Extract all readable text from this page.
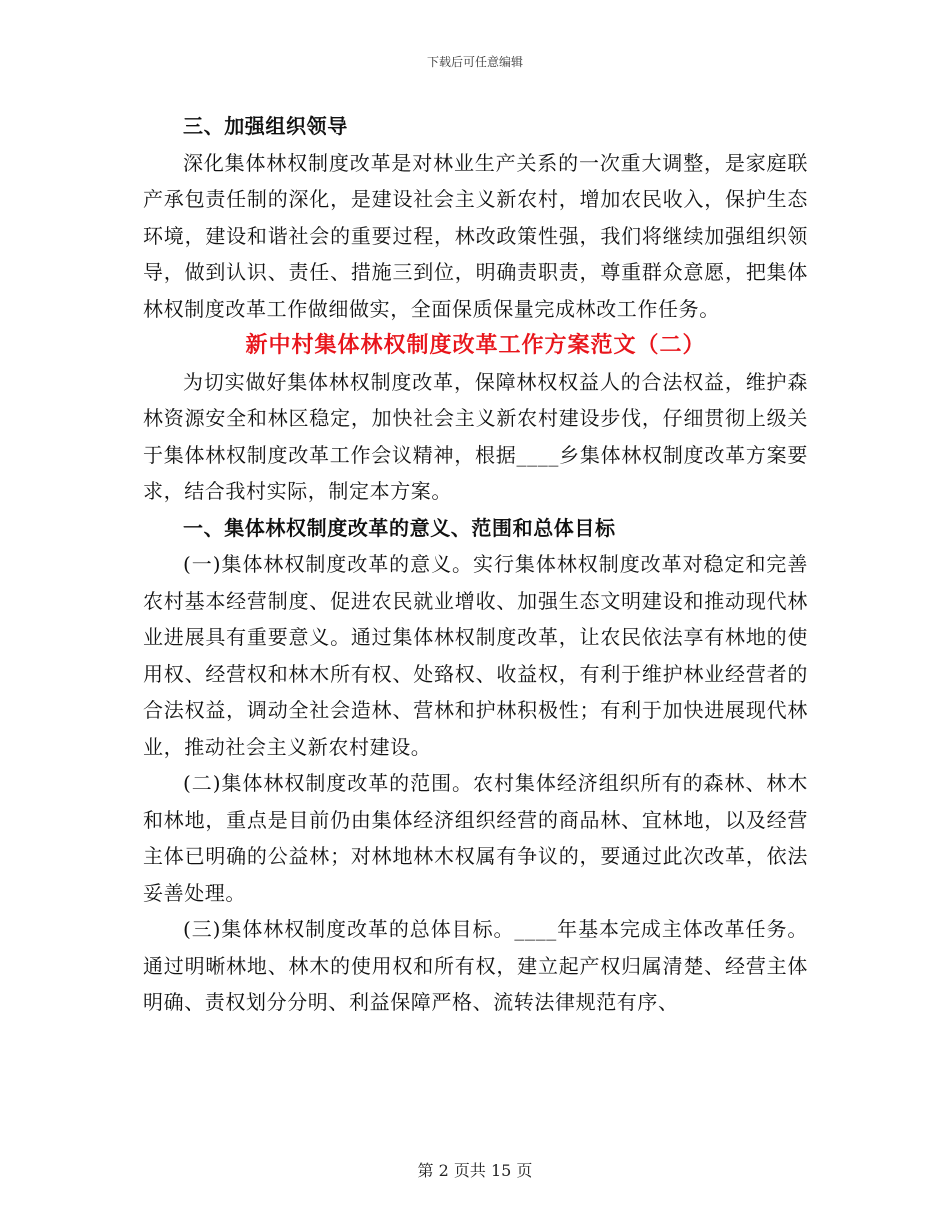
下载后可任意编辑

三、加强组织领导

深化集体林权制度改革是对林业生产关系的一次重大调整，是家庭联产承包责任制的深化，是建设社会主义新农村，增加农民收入，保护生态环境，建设和谐社会的重要过程，林改政策性强，我们将继续加强组织领导，做到认识、责任、措施三到位，明确责职责，尊重群众意愿，把集体林权制度改革工作做细做实，全面保质保量完成林改工作任务。

新中村集体林权制度改革工作方案范文（二）

为切实做好集体林权制度改革，保障林权权益人的合法权益，维护森林资源安全和林区稳定，加快社会主义新农村建设步伐，仔细贯彻上级关于集体林权制度改革工作会议精神，根据____乡集体林权制度改革方案要求，结合我村实际，制定本方案。

一、集体林权制度改革的意义、范围和总体目标

(一)集体林权制度改革的意义。实行集体林权制度改革对稳定和完善农村基本经营制度、促进农民就业增收、加强生态文明建设和推动现代林业进展具有重要意义。通过集体林权制度改革，让农民依法享有林地的使用权、经营权和林木所有权、处臵权、收益权，有利于维护林业经营者的合法权益，调动全社会造林、营林和护林积极性；有利于加快进展现代林业，推动社会主义新农村建设。

(二)集体林权制度改革的范围。农村集体经济组织所有的森林、林木和林地，重点是目前仍由集体经济组织经营的商品林、宜林地，以及经营主体已明确的公益林；对林地林木权属有争议的，要通过此次改革，依法妥善处理。

(三)集体林权制度改革的总体目标。____年基本完成主体改革任务。通过明晰林地、林木的使用权和所有权，建立起产权归属清楚、经营主体明确、责权划分分明、利益保障严格、流转法律规范有序、

第 2 页共 15 页
